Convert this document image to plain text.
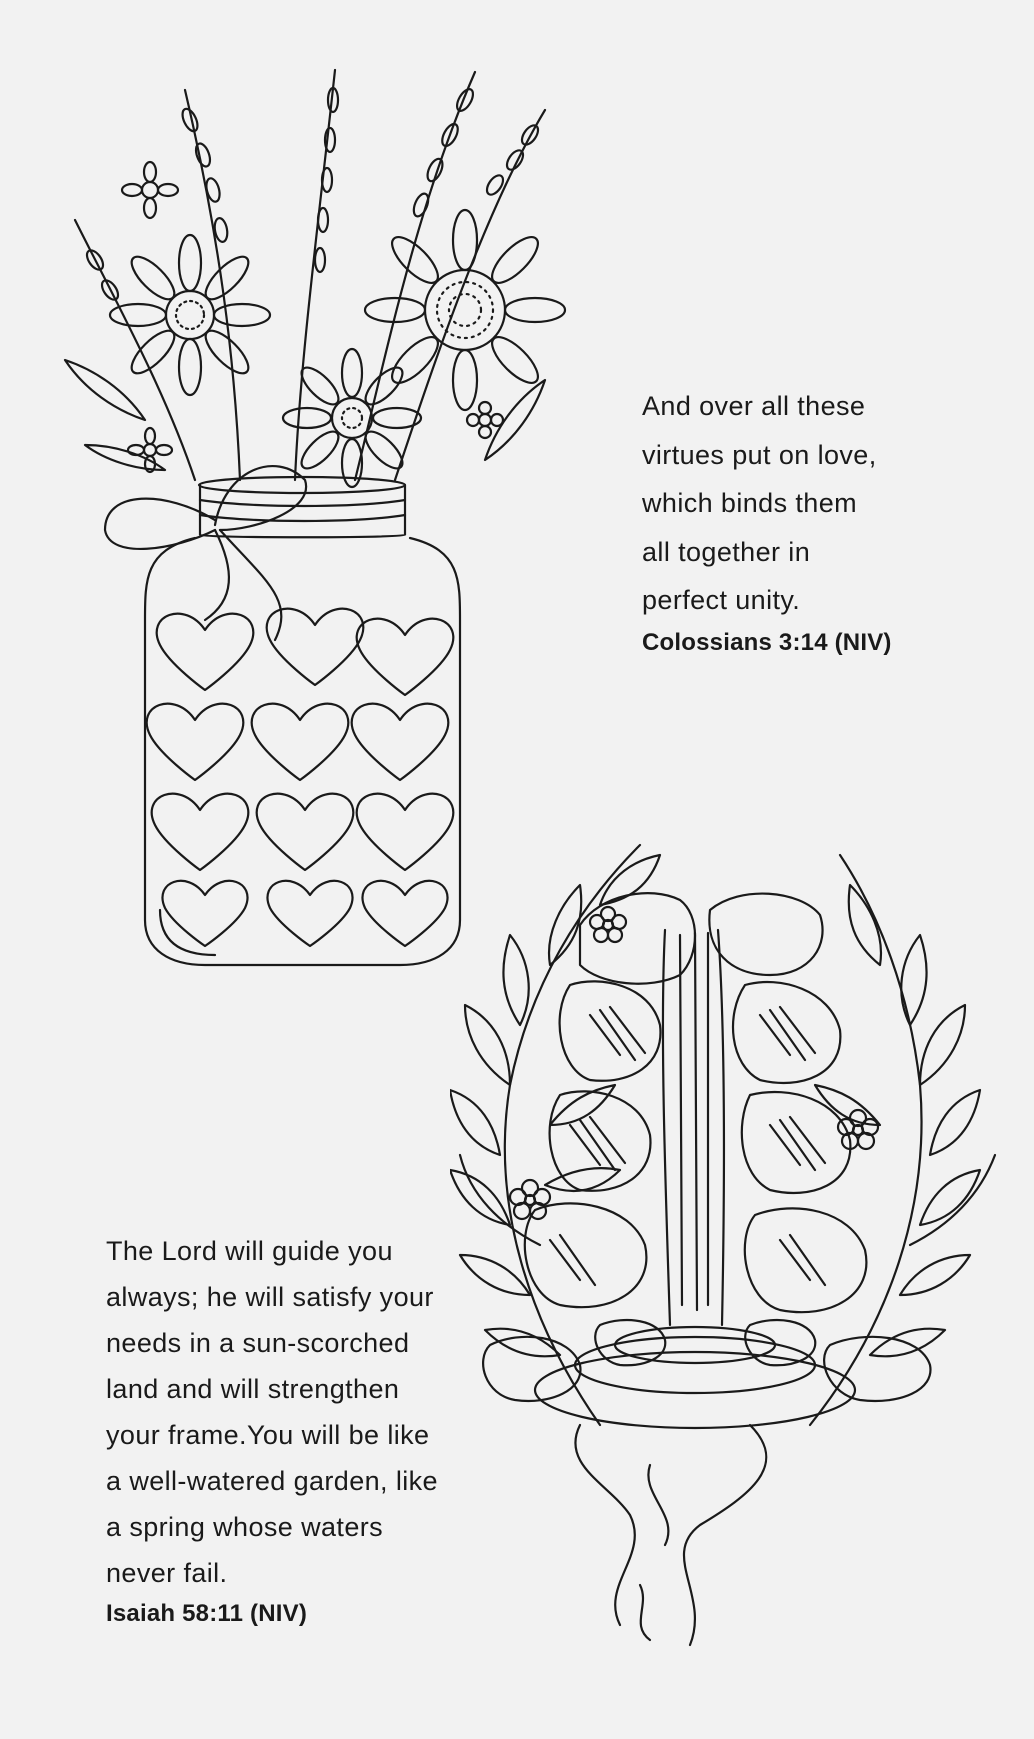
And over all these
virtues put on love,
which binds them
all together in
perfect unity.

Colossians 3:14 (NIV)

The Lord will guide you
always; he will satisfy your
needs in a sun-scorched
land and will strengthen
your frame.You will be like
a well-watered garden, like
a spring whose waters
never fail.

Isaiah 58:11 (NIV)
